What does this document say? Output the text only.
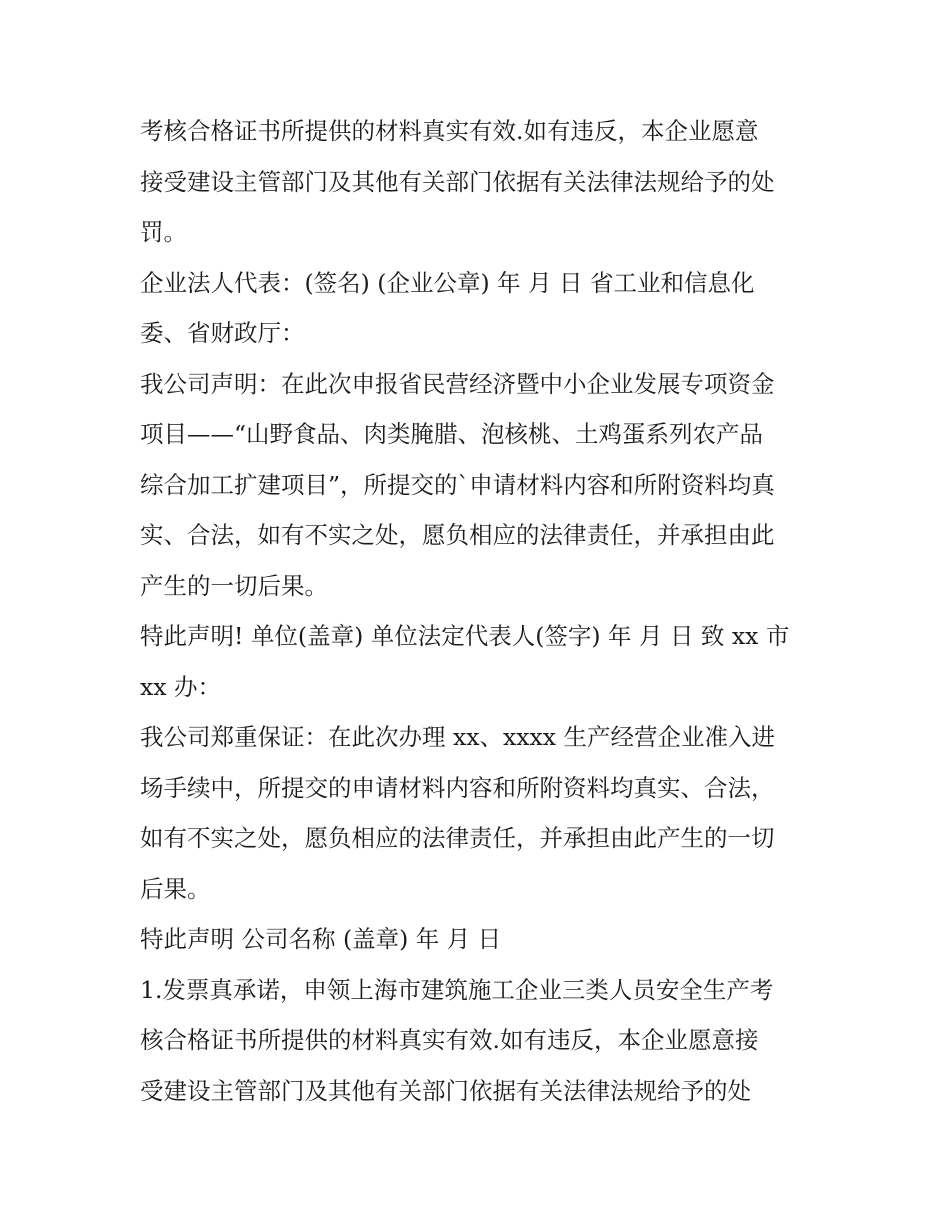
考核合格证书所提供的材料真实有效.如有违反，本企业愿意
接受建设主管部门及其他有关部门依据有关法律法规给予的处
罚。
企业法人代表：(签名) (企业公章) 年 月 日 省工业和信息化
委、省财政厅：
我公司声明：在此次申报省民营经济暨中小企业发展专项资金
项目——“山野食品、肉类腌腊、泡核桃、土鸡蛋系列农产品
综合加工扩建项目”，所提交的`申请材料内容和所附资料均真
实、合法，如有不实之处，愿负相应的法律责任，并承担由此
产生的一切后果。
特此声明! 单位(盖章) 单位法定代表人(签字) 年 月 日 致 xx 市
xx 办：
我公司郑重保证：在此次办理 xx、xxxx 生产经营企业准入进
场手续中，所提交的申请材料内容和所附资料均真实、合法，
如有不实之处，愿负相应的法律责任，并承担由此产生的一切
后果。
特此声明 公司名称 (盖章) 年 月 日
1.发票真承诺，申领上海市建筑施工企业三类人员安全生产考
核合格证书所提供的材料真实有效.如有违反，本企业愿意接
受建设主管部门及其他有关部门依据有关法律法规给予的处
